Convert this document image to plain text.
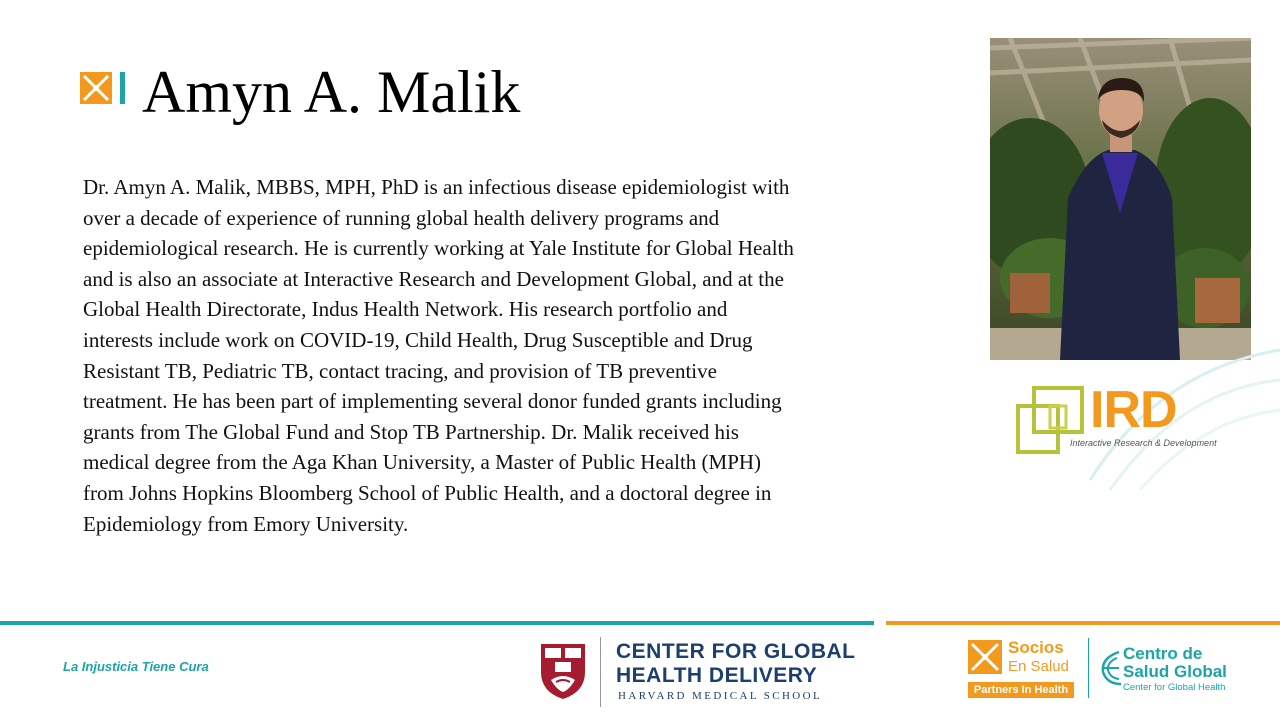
Amyn A. Malik
Dr. Amyn A. Malik, MBBS, MPH, PhD is an infectious disease epidemiologist with
over a decade of experience of running global health delivery programs and
epidemiological research. He is currently working at Yale Institute for Global Health
and is also an associate at Interactive Research and Development Global, and at the
Global Health Directorate, Indus Health Network. His research portfolio and
interests include work on COVID-19, Child Health, Drug Susceptible and Drug
Resistant TB, Pediatric TB, contact tracing, and provision of TB preventive
treatment. He has been part of implementing several donor funded grants including
grants from The Global Fund and Stop TB Partnership. Dr. Malik received his
medical degree from the Aga Khan University, a Master of Public Health (MPH)
from Johns Hopkins Bloomberg School of Public Health, and a doctoral degree in
Epidemiology from Emory University.
IRD
Interactive Research & Development
La Injusticia Tiene Cura
CENTER FOR GLOBAL
HEALTH DELIVERY
HARVARD MEDICAL SCHOOL
Socios
En Salud
Partners In Health
Centro de
Salud Global
Center for Global Health
